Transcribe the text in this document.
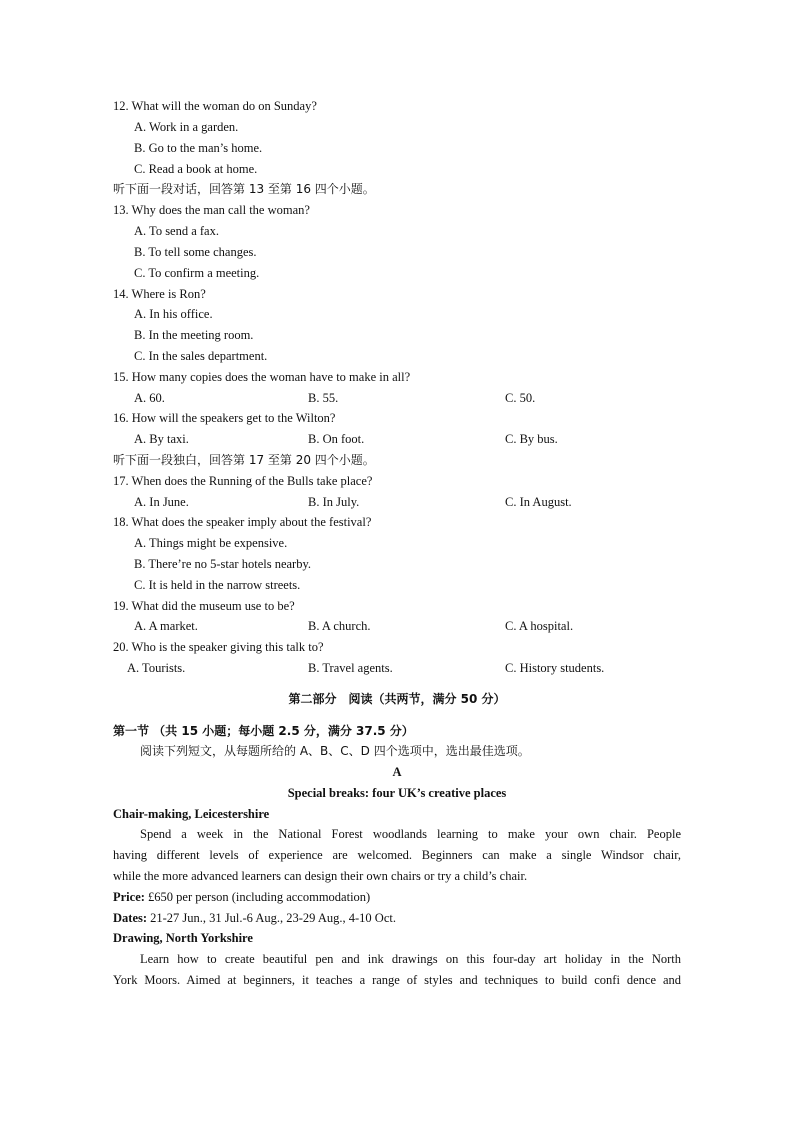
12. What will the woman do on Sunday?
A. Work in a garden.
B. Go to the man’s home.
C. Read a book at home.
听下面一段对话，回答第 13 至第 16 四个小题。
13. Why does the man call the woman?
A. To send a fax.
B. To tell some changes.
C. To confirm a meeting.
14. Where is Ron?
A. In his office.
B. In the meeting room.
C. In the sales department.
15. How many copies does the woman have to make in all?
A. 60.	B. 55.	C. 50.
16. How will the speakers get to the Wilton?
A. By taxi.	B. On foot.	C. By bus.
听下面一段独白，回答第 17 至第 20 四个小题。
17. When does the Running of the Bulls take place?
A. In June.	B. In July.	C. In August.
18. What does the speaker imply about the festival?
A. Things might be expensive.
B. There’re no 5-star hotels nearby.
C. It is held in the narrow streets.
19. What did the museum use to be?
A. A market.	B. A church.	C. A hospital.
20. Who is the speaker giving this talk to?
A. Tourists.	B. Travel agents.	C. History students.
第二部分　阅读（共两节，满分 50 分）
第一节 （共 15 小题；每小题 2.5 分，满分 37.5 分）
阅读下列短文，从每题所给的 A、B、C、D 四个选项中，选出最佳选项。
A
Special breaks: four UK’s creative places
Chair-making, Leicestershire
Spend a week in the National Forest woodlands learning to make your own chair. People
having different levels of experience are welcomed. Beginners can make a single Windsor chair,
while the more advanced learners can design their own chairs or try a child’s chair.
Price: £650 per person (including accommodation)
Dates: 21-27 Jun., 31 Jul.-6 Aug., 23-29 Aug., 4-10 Oct.
Drawing, North Yorkshire
Learn how to create beautiful pen and ink drawings on this four-day art holiday in the North
York Moors. Aimed at beginners, it teaches a range of styles and techniques to build confi dence and
